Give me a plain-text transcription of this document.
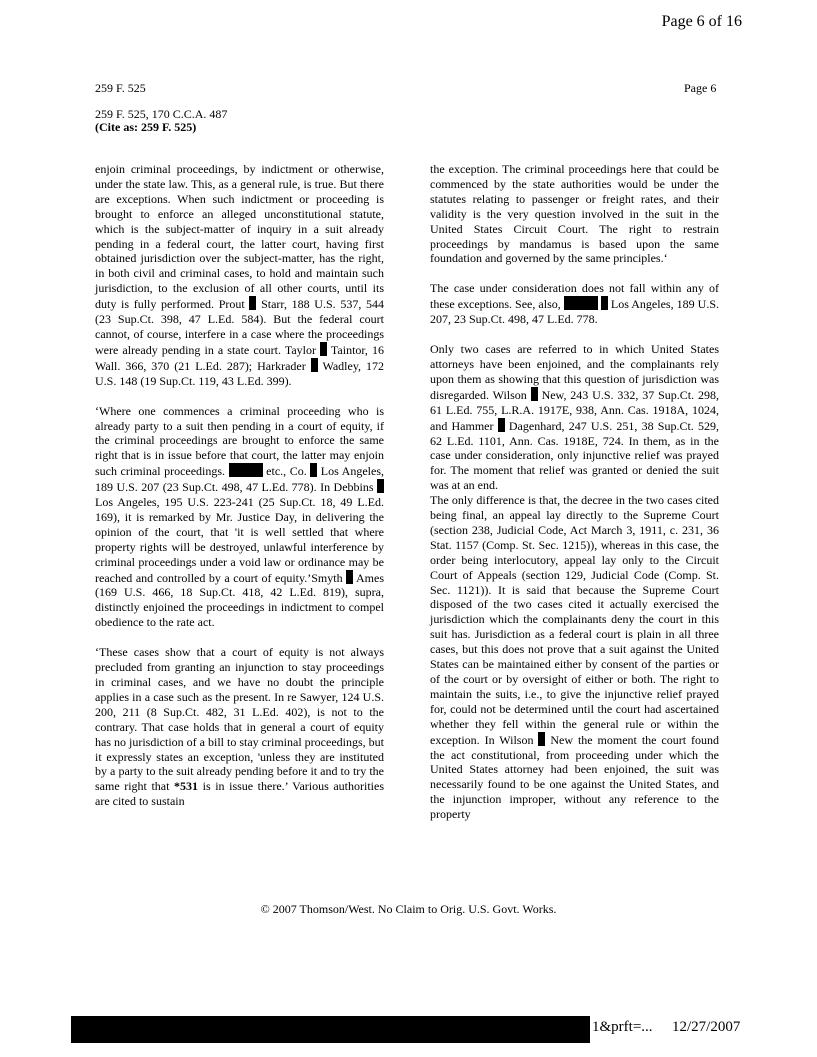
Page 6 of 16
259 F. 525	Page 6
259 F. 525, 170 C.C.A. 487
(Cite as: 259 F. 525)

enjoin criminal proceedings, by indictment or otherwise, under the state law. This, as a general rule, is true. But there are exceptions. When such indictment or proceeding is brought to enforce an alleged unconstitutional statute, which is the subject-matter of inquiry in a suit already pending in a federal court, the latter court, having first obtained jurisdiction over the subject-matter, has the right, in both civil and criminal cases, to hold and maintain such jurisdiction, to the exclusion of all other courts, until its duty is fully performed. Prout Starr, 188 U.S. 537, 544 (23 Sup.Ct. 398, 47 L.Ed. 584). But the federal court cannot, of course, interfere in a case where the proceedings were already pending in a state court. Taylor Taintor, 16 Wall. 366, 370 (21 L.Ed. 287); Harkrader Wadley, 172 U.S. 148 (19 Sup.Ct. 119, 43 L.Ed. 399).

‘Where one commences a criminal proceeding who is already party to a suit then pending in a court of equity, if the criminal proceedings are brought to enforce the same right that is in issue before that court, the latter may enjoin such criminal proceedings.	etc., Co. Los Angeles, 189 U.S. 207 (23 Sup.Ct. 498, 47 L.Ed. 778). In Debbins  Los Angeles, 195 U.S. 223-241 (25 Sup.Ct. 18, 49 L.Ed. 169), it is remarked by Mr. Justice Day, in delivering the opinion of the court, that 'it is well settled that where property rights will be destroyed, unlawful interference by criminal proceedings under a void law or ordinance may be reached and controlled by a court of equity.’Smyth Ames (169 U.S. 466, 18 Sup.Ct. 418, 42 L.Ed. 819), supra, distinctly enjoined the proceedings in indictment to compel obedience to the rate act.

‘These cases show that a court of equity is not always precluded from granting an injunction to stay proceedings in criminal cases, and we have no doubt the principle applies in a case such as the present. In re Sawyer, 124 U.S. 200, 211 (8 Sup.Ct. 482, 31 L.Ed. 402), is not to the contrary. That case holds that in general a court of equity has no jurisdiction of a bill to stay criminal proceedings, but it expressly states an exception, 'unless they are instituted by a party to the suit already pending before it and to try the same right that *531 is in issue there.’ Various authorities are cited to sustain

the exception. The criminal proceedings here that could be commenced by the state authorities would be under the statutes relating to passenger or freight rates, and their validity is the very question involved in the suit in the United States Circuit Court. The right to restrain proceedings by mandamus is based upon the same foundation and governed by the same principles.‘

The case under consideration does not fall within any of these exceptions. See, also,	Los Angeles, 189 U.S. 207, 23 Sup.Ct. 498, 47 L.Ed. 778.

Only two cases are referred to in which United States attorneys have been enjoined, and the complainants rely upon them as showing that this question of jurisdiction was disregarded. Wilson New, 243 U.S. 332, 37 Sup.Ct. 298, 61 L.Ed. 755, L.R.A. 1917E, 938, Ann. Cas. 1918A, 1024, and Hammer Dagenhard, 247 U.S. 251, 38 Sup.Ct. 529, 62 L.Ed. 1101, Ann. Cas. 1918E, 724. In them, as in the case under consideration, only injunctive relief was prayed for. The moment that relief was granted or denied the suit was at an end.

The only difference is that, the decree in the two cases cited being final, an appeal lay directly to the Supreme Court (section 238, Judicial Code, Act March 3, 1911, c. 231, 36 Stat. 1157 (Comp. St. Sec. 1215)), whereas in this case, the order being interlocutory, appeal lay only to the Circuit Court of Appeals (section 129, Judicial Code (Comp. St. Sec. 1121)). It is said that because the Supreme Court disposed of the two cases cited it actually exercised the jurisdiction which the complainants deny the court in this suit has. Jurisdiction as a federal court is plain in all three cases, but this does not prove that a suit against the United States can be maintained either by consent of the parties or of the court or by oversight of either or both. The right to maintain the suits, i.e., to give the injunctive relief prayed for, could not be determined until the court had ascertained whether they fell within the general rule or within the exception. In Wilson New the moment the court found the act constitutional, from proceeding under which the United States attorney had been enjoined, the suit was necessarily found to be one against the United States, and the injunction improper, without any reference to the property

© 2007 Thomson/West. No Claim to Orig. U.S. Govt. Works.
1&prft=... 12/27/2007
